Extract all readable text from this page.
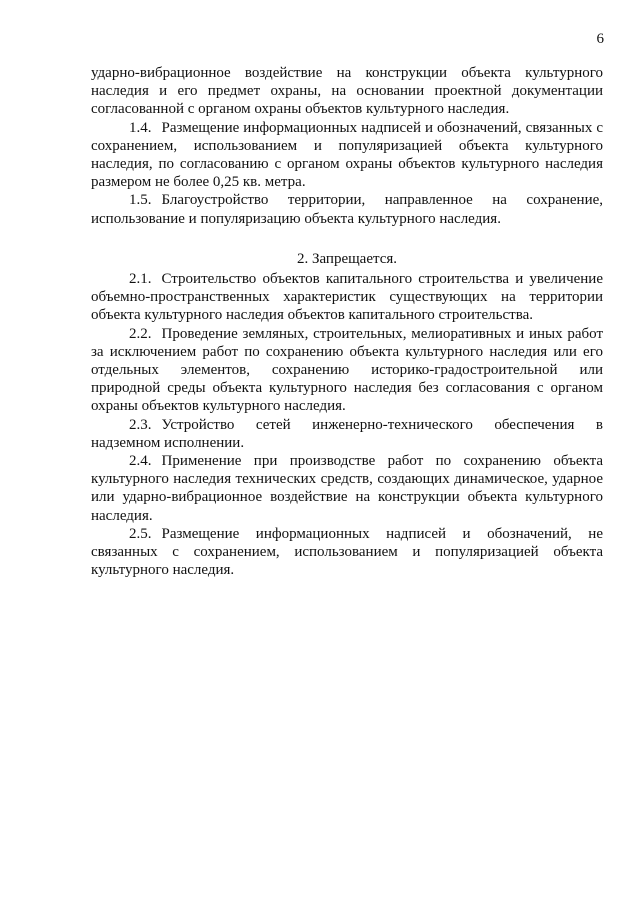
6

ударно-вибрационное воздействие на конструкции объекта культурного наследия и его предмет охраны, на основании проектной документации согласованной с органом охраны объектов культурного наследия.

1.4. Размещение информационных надписей и обозначений, связанных с сохранением, использованием и популяризацией объекта культурного наследия, по согласованию с органом охраны объектов культурного наследия размером не более 0,25 кв. метра.

1.5. Благоустройство территории, направленное на сохранение, использование и популяризацию объекта культурного наследия.

2. Запрещается.

2.1. Строительство объектов капитального строительства и увеличение объемно-пространственных характеристик существующих на территории объекта культурного наследия объектов капитального строительства.

2.2. Проведение земляных, строительных, мелиоративных и иных работ за исключением работ по сохранению объекта культурного наследия или его отдельных элементов, сохранению историко-градостроительной или природной среды объекта культурного наследия без согласования с органом охраны объектов культурного наследия.

2.3. Устройство сетей инженерно-технического обеспечения в надземном исполнении.

2.4. Применение при производстве работ по сохранению объекта культурного наследия технических средств, создающих динамическое, ударное или ударно-вибрационное воздействие на конструкции объекта культурного наследия.

2.5. Размещение информационных надписей и обозначений, не связанных с сохранением, использованием и популяризацией объекта культурного наследия.
